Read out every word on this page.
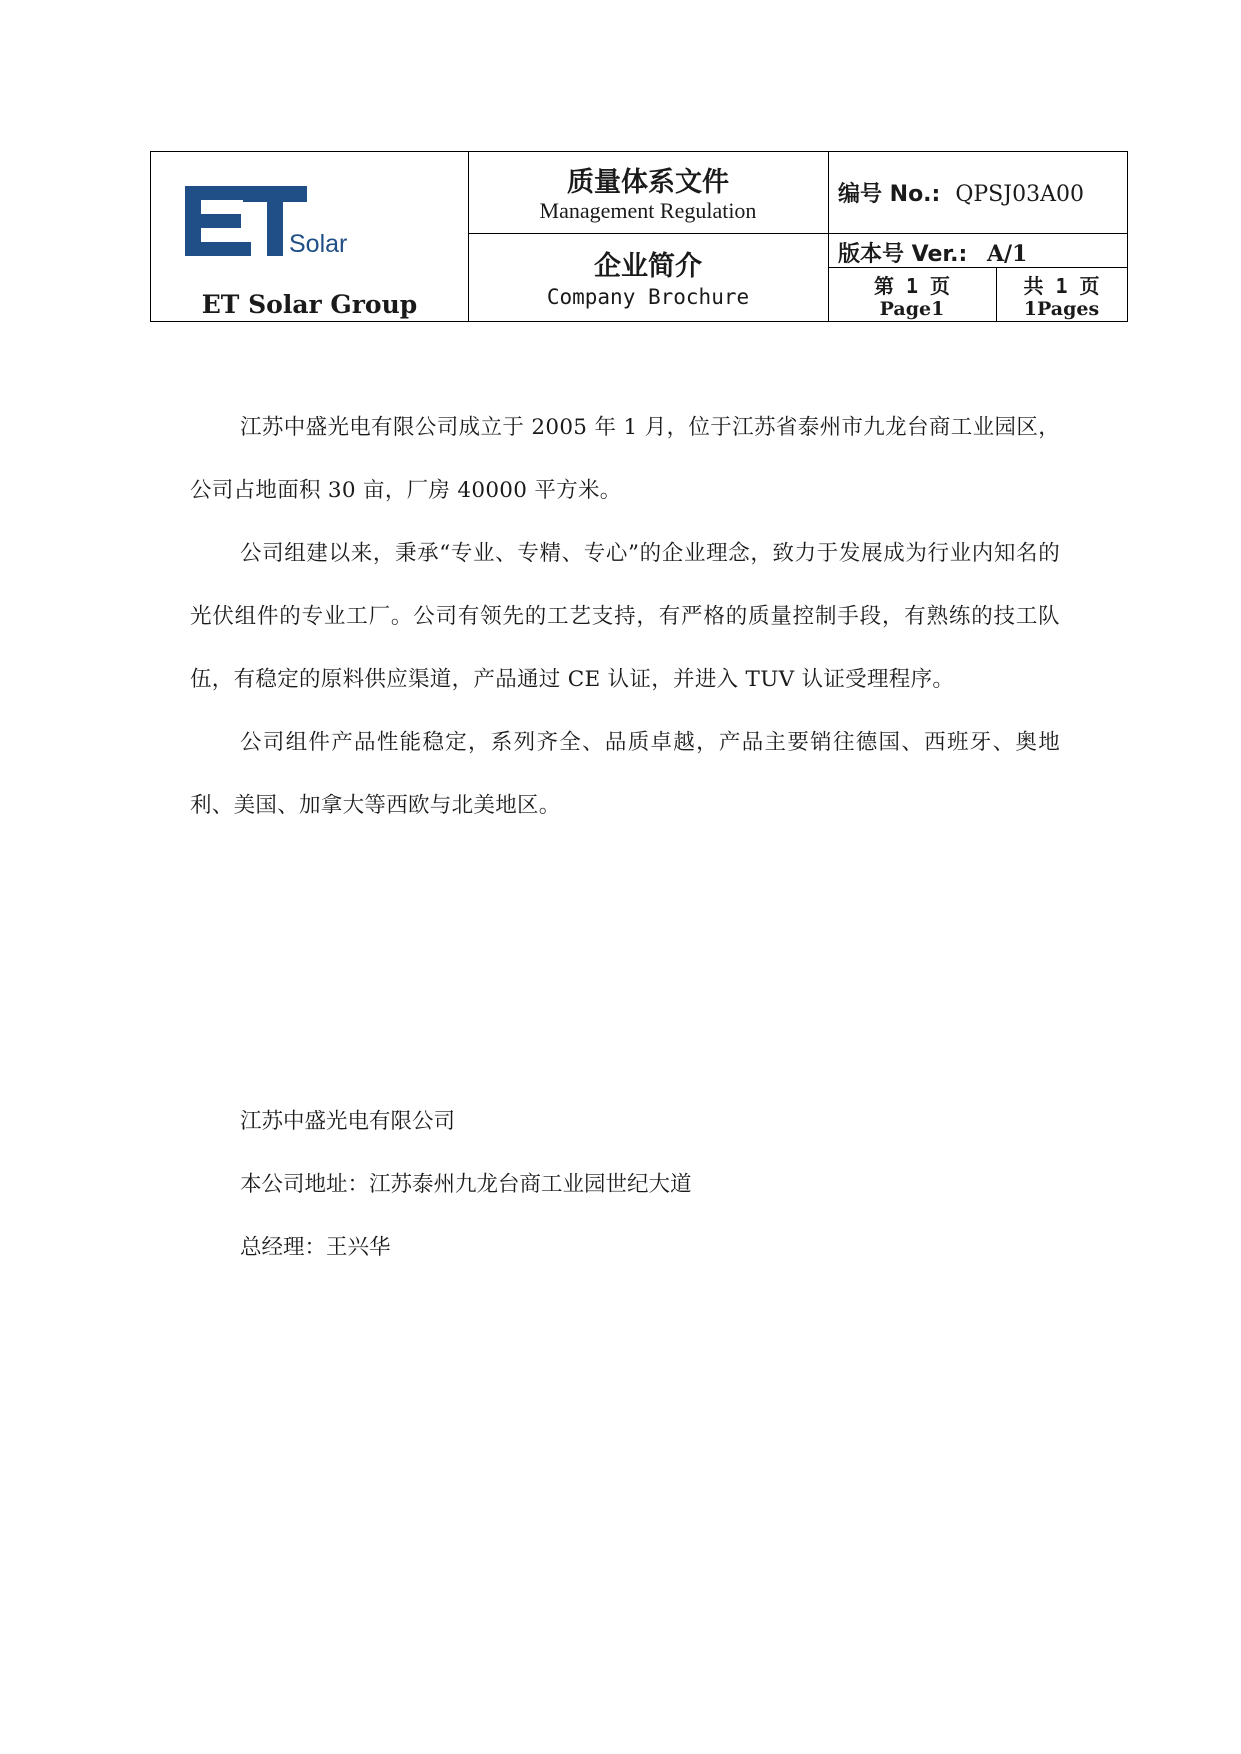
Solar
ET Solar Group
质量体系文件
Management Regulation
企业简介
Company Brochure
编号 No.: QPSJ03A00
版本号 Ver.: A/1
第 1 页
Page1
共 1 页
1Pages

江苏中盛光电有限公司成立于 2005 年 1 月，位于江苏省泰州市九龙台商工业园区，公司占地面积 30 亩，厂房 40000 平方米。

公司组建以来，秉承“专业、专精、专心”的企业理念，致力于发展成为行业内知名的光伏组件的专业工厂。公司有领先的工艺支持，有严格的质量控制手段，有熟练的技工队伍，有稳定的原料供应渠道，产品通过 CE 认证，并进入 TUV 认证受理程序。

公司组件产品性能稳定，系列齐全、品质卓越，产品主要销往德国、西班牙、奥地利、美国、加拿大等西欧与北美地区。

江苏中盛光电有限公司
本公司地址：江苏泰州九龙台商工业园世纪大道
总经理：王兴华
